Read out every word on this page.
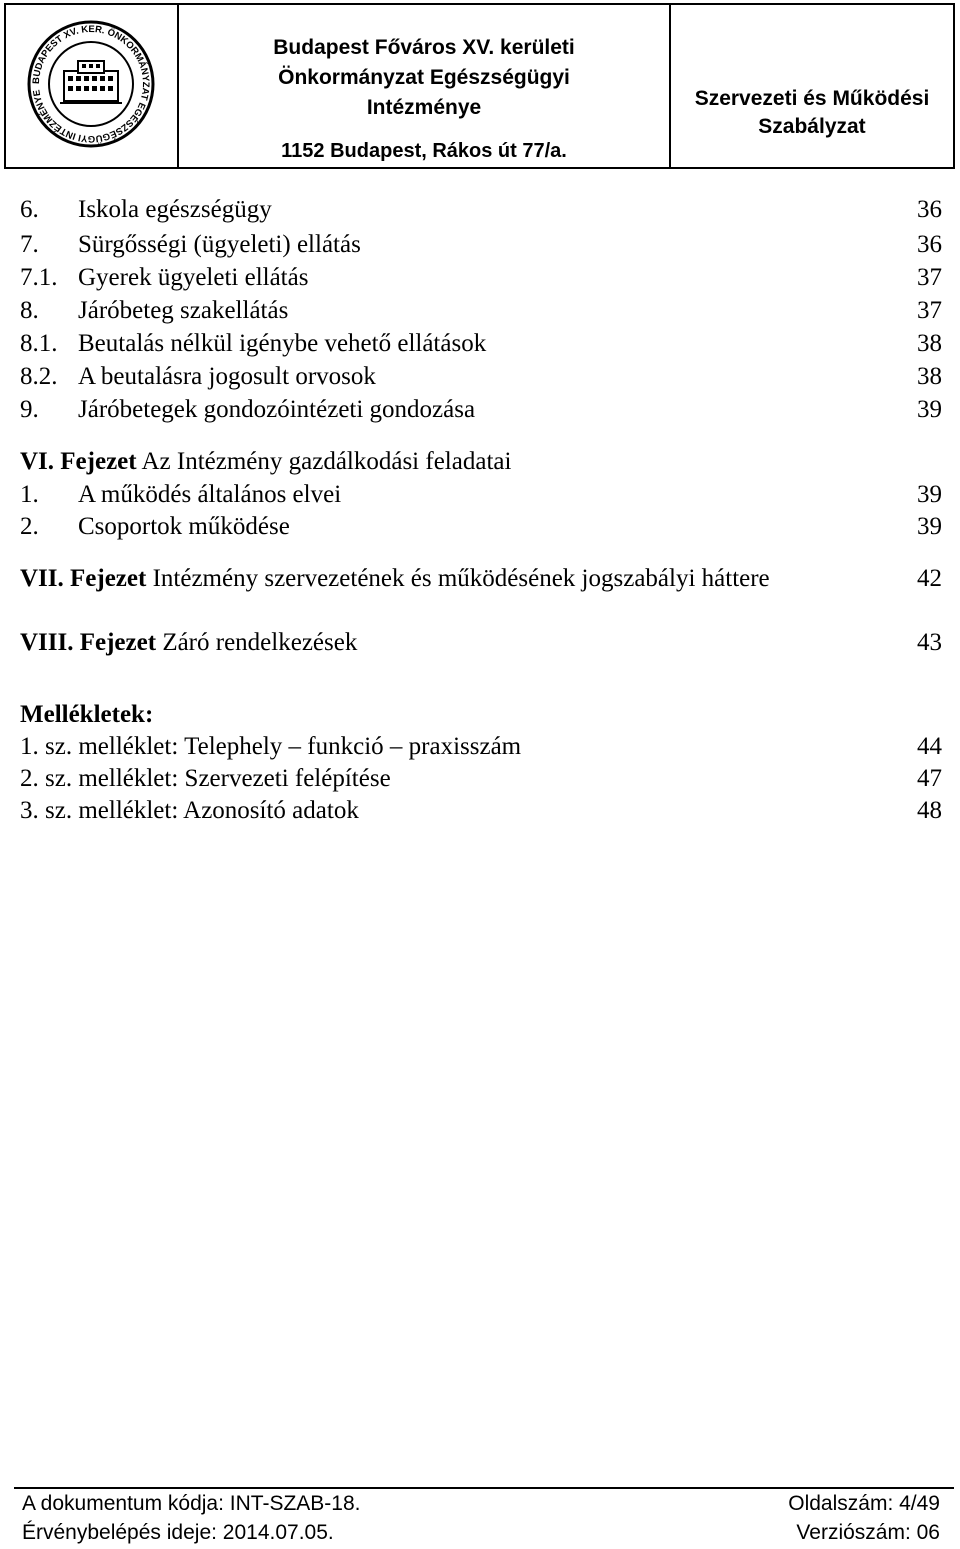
BUDAPEST XV. KER. ÖNKORMÁNYZAT EGÉSZSÉGÜGYI INTÉZMÉNYE
Budapest Főváros XV. kerületi
Önkormányzat Egészségügyi
Intézménye
1152 Budapest, Rákos út 77/a.
Szervezeti és Működési
Szabályzat
6. Iskola egészségügy	36
7. Sürgősségi (ügyeleti) ellátás	36
7.1. Gyerek ügyeleti ellátás	37
8. Járóbeteg szakellátás	37
8.1. Beutalás nélkül igénybe vehető ellátások	38
8.2. A beutalásra jogosult orvosok	38
9. Járóbetegek gondozóintézeti gondozása	39
VI. Fejezet Az Intézmény gazdálkodási feladatai
1. A működés általános elvei	39
2. Csoportok működése	39
VII. Fejezet Intézmény szervezetének és működésének jogszabályi háttere	42
VIII. Fejezet Záró rendelkezések	43
Mellékletek:
1. sz. melléklet: Telephely – funkció – praxisszám	44
2. sz. melléklet: Szervezeti felépítése	47
3. sz. melléklet: Azonosító adatok	48
A dokumentum kódja: INT-SZAB-18.	Oldalszám: 4/49
Érvénybelépés ideje: 2014.07.05.	Verziószám: 06
